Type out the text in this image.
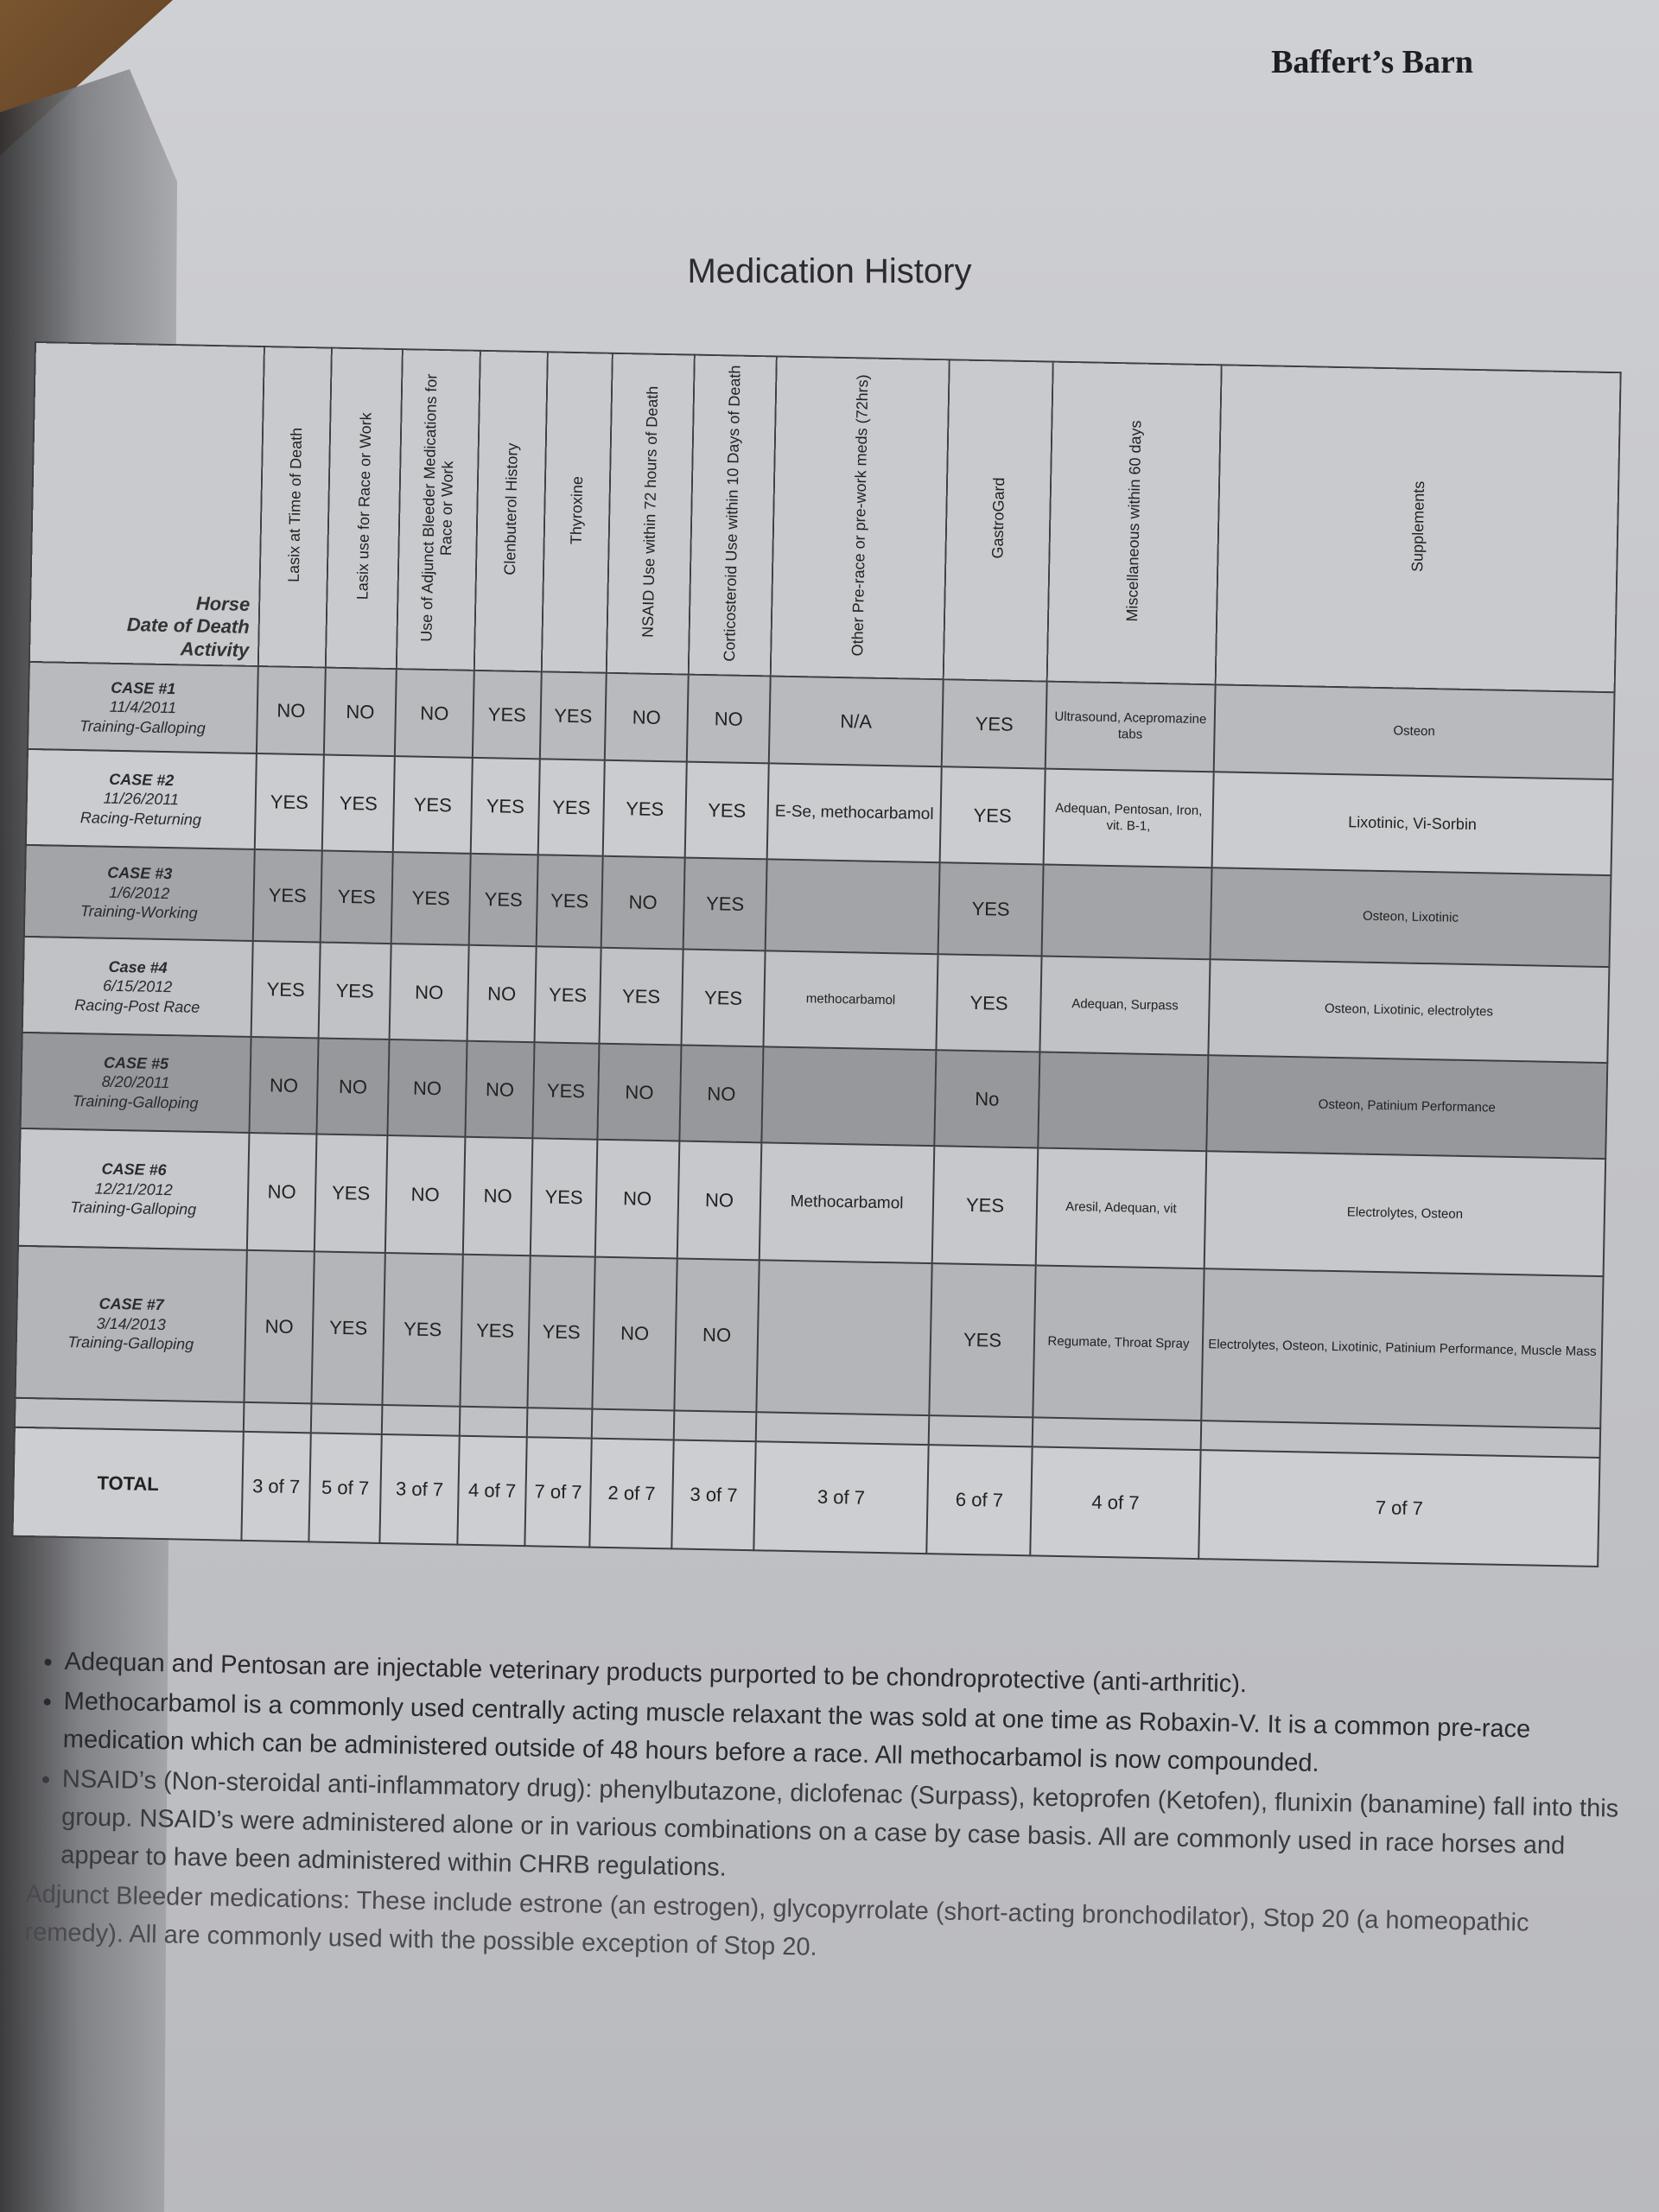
Baffert’s Barn
Medication History
Horse
Date of Death
Activity	Lasix at Time of Death	Lasix use for Race or Work	Use of Adjunct Bleeder Medications for Race or Work	Clenbuterol History	Thyroxine	NSAID Use within 72 hours of Death	Corticosteroid Use within 10 Days of Death	Other Pre-race or pre-work meds (72hrs)	GastroGard	Miscellaneous within 60 days	Supplements

CASE #1
11/4/2011
Training-Galloping	NO	NO	NO	YES	YES	NO	NO	N/A	YES	Ultrasound, Acepromazine tabs	Osteon

CASE #2
11/26/2011
Racing-Returning	YES	YES	YES	YES	YES	YES	YES	E-Se, methocarbamol	YES	Adequan, Pentosan, Iron, vit. B-1,	Lixotinic, Vi-Sorbin

CASE #3
1/6/2012
Training-Working	YES	YES	YES	YES	YES	NO	YES		YES		Osteon, Lixotinic

Case #4
6/15/2012
Racing-Post Race	YES	YES	NO	NO	YES	YES	YES	methocarbamol	YES	Adequan, Surpass	Osteon, Lixotinic, electrolytes

CASE #5
8/20/2011
Training-Galloping	NO	NO	NO	NO	YES	NO	NO		No		Osteon, Patinium Performance

CASE #6
12/21/2012
Training-Galloping	NO	YES	NO	NO	YES	NO	NO	Methocarbamol	YES	Aresil, Adequan, vit	Electrolytes, Osteon

CASE #7
3/14/2013
Training-Galloping	NO	YES	YES	YES	YES	NO	NO		YES	Regumate, Throat Spray	Electrolytes, Osteon, Lixotinic, Patinium Performance, Muscle Mass

TOTAL	3 of 7	5 of 7	3 of 7	4 of 7	7 of 7	2 of 7	3 of 7	3 of 7	6 of 7	4 of 7	7 of 7
• Adequan and Pentosan are injectable veterinary products purported to be chondroprotective (anti-arthritic).
• Methocarbamol is a commonly used centrally acting muscle relaxant the was sold at one time as Robaxin-V. It is a common pre-race medication which can be administered outside of 48 hours before a race. All methocarbamol is now compounded.
• NSAID’s (Non-steroidal anti-inflammatory drug): phenylbutazone, diclofenac (Surpass), ketoprofen (Ketofen), flunixin (banamine) fall into this group. NSAID’s were administered alone or in various combinations on a case by case basis. All are commonly used in race horses and appear to have been administered within CHRB regulations.

Adjunct Bleeder medications: These include estrone (an estrogen), glycopyrrolate (short-acting bronchodilator), Stop 20 (a homeopathic remedy). All are commonly used with the possible exception of Stop 20.
